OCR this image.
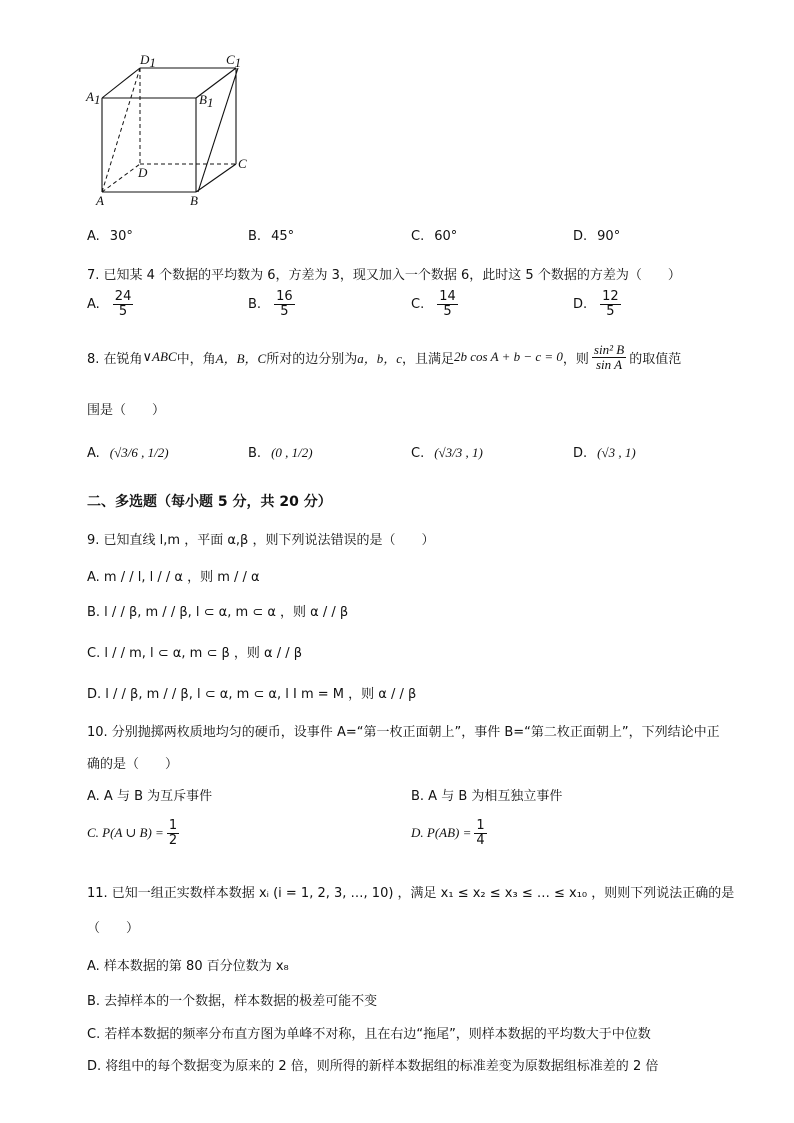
D1	C1
A1	B1
C
D
A	B
A. 30°	B. 45°	C. 60°	D. 90°
7. 已知某 4 个数据的平均数为 6，方差为 3，现又加入一个数据 6，此时这 5 个数据的方差为（　　）
A. $\frac{24}{5}$	B. $\frac{16}{5}$	C. $\frac{14}{5}$	D. $\frac{12}{5}$
8. 在锐角 ∨ABC 中，角 A，B，C 所对的边分别为 a，b，c ，且满足 2b cos A + b − c = 0 ，则 $\frac{\text{sin² B}}{\text{sin A}}$ 的取值范
围是（　　）
A. (√3/6 , 1/2)	B. (0 , 1/2)	C. (√3/3 , 1)	D. (√3 , 1)
二、多选题（每小题 5 分，共 20 分）
9. 已知直线 l,m ，平面 α,β ，则下列说法错误的是（　　）
A. m / / l, l / / α ，则 m / / α
B. l / / β, m / / β, l ⊂ α, m ⊂ α ，则 α / / β
C. l / / m, l ⊂ α, m ⊂ β ，则 α / / β
D. l / / β, m / / β, l ⊂ α, m ⊂ α, l I m = M ，则 α / / β
10. 分别抛掷两枚质地均匀的硬币，设事件 A=“第一枚正面朝上”，事件 B=“第二枚正面朝上”，下列结论中正
确的是（　　）
A. A 与 B 为互斥事件	B. A 与 B 为相互独立事件
C. P(A ∪ $B) = \frac{1}{2}$	D. $P(AB) = \frac{1}{4}$
11. 已知一组正实数样本数据 xᵢ (i = 1, 2, 3, …, 10) ，满足 x₁ ≤ x₂ ≤ x₃ ≤ … ≤ x₁₀ ，则则下列说法正确的是
（　　）
A. 样本数据的第 80 百分位数为 x₈
B. 去掉样本的一个数据，样本数据的极差可能不变
C. 若样本数据的频率分布直方图为单峰不对称，且在右边“拖尾”，则样本数据的平均数大于中位数
D. 将组中的每个数据变为原来的 2 倍，则所得的新样本数据组的标准差变为原数据组标准差的 2 倍
